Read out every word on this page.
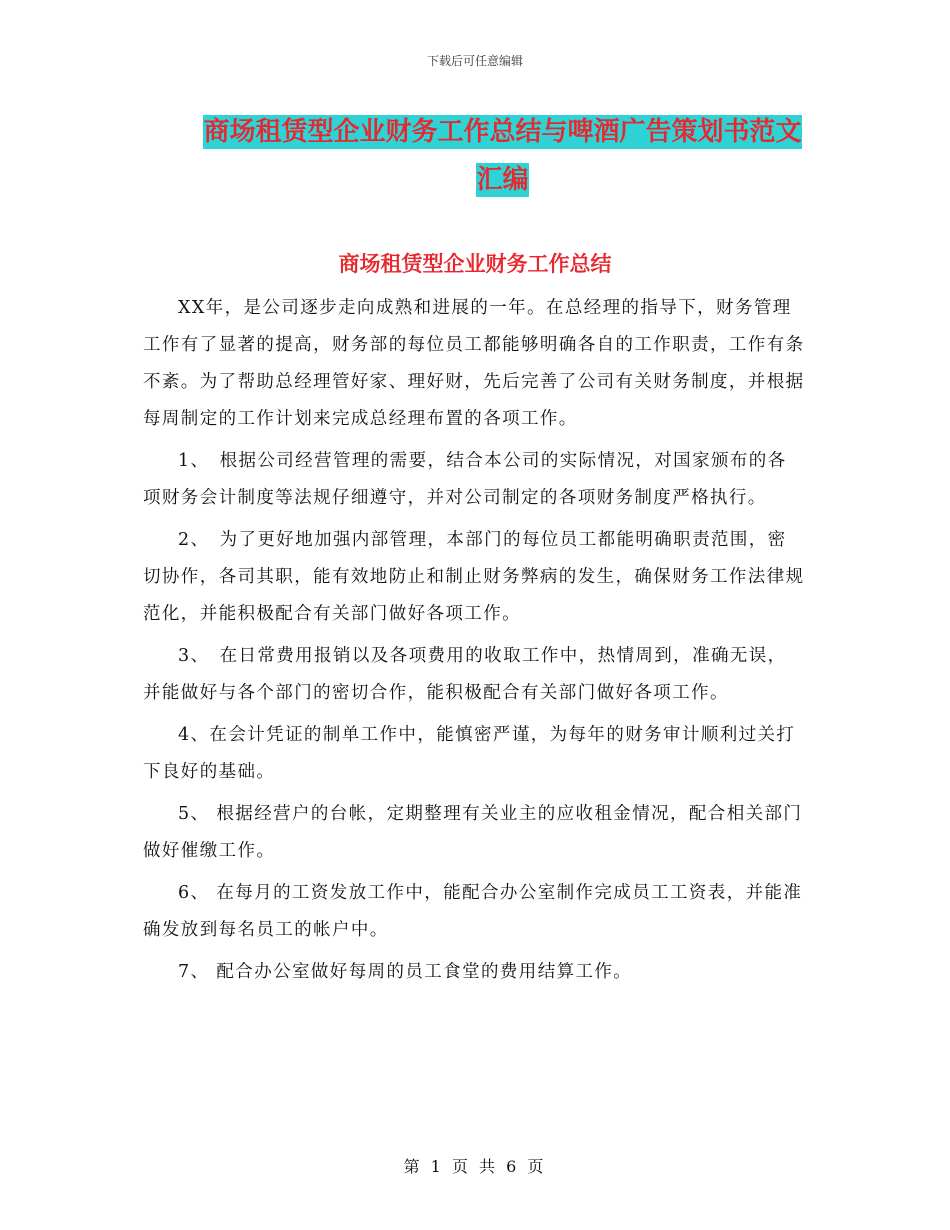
下载后可任意编辑
商场租赁型企业财务工作总结与啤酒广告策划书范文
汇编
商场租赁型企业财务工作总结

XX年，是公司逐步走向成熟和进展的一年。在总经理的指导下，财务管理工作有了显著的提高，财务部的每位员工都能够明确各自的工作职责，工作有条不紊。为了帮助总经理管好家、理好财，先后完善了公司有关财务制度，并根据每周制定的工作计划来完成总经理布置的各项工作。

1、　根据公司经营管理的需要，结合本公司的实际情况，对国家颁布的各项财务会计制度等法规仔细遵守，并对公司制定的各项财务制度严格执行。

2、　为了更好地加强内部管理，本部门的每位员工都能明确职责范围，密切协作，各司其职，能有效地防止和制止财务弊病的发生，确保财务工作法律规范化，并能积极配合有关部门做好各项工作。

3、　在日常费用报销以及各项费用的收取工作中，热情周到，准确无误，并能做好与各个部门的密切合作，能积极配合有关部门做好各项工作。

4、在会计凭证的制单工作中，能慎密严谨，为每年的财务审计顺利过关打下良好的基础。

5、 根据经营户的台帐，定期整理有关业主的应收租金情况，配合相关部门做好催缴工作。

6、 在每月的工资发放工作中，能配合办公室制作完成员工工资表，并能准确发放到每名员工的帐户中。

7、 配合办公室做好每周的员工食堂的费用结算工作。

第 1 页 共 6 页
